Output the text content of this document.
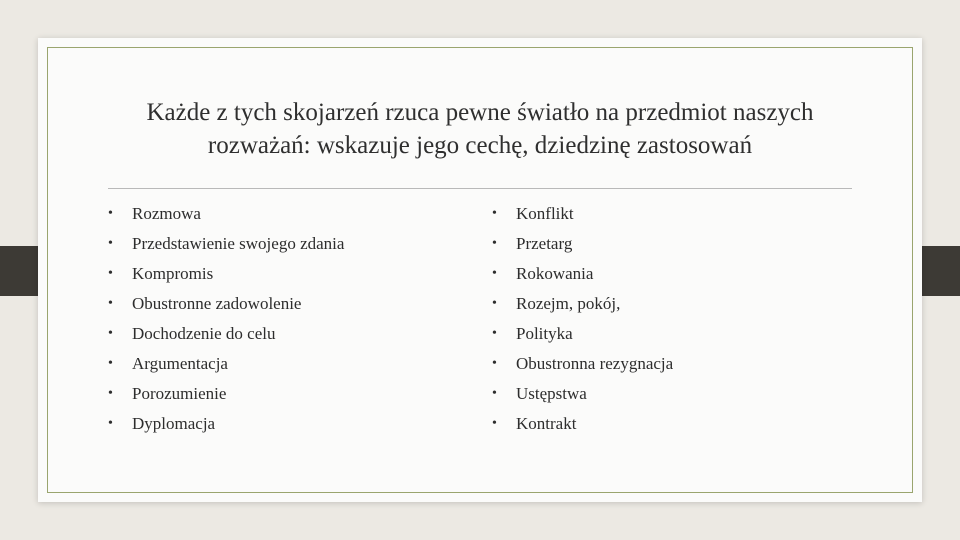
Każde z tych skojarzeń rzuca pewne światło na przedmiot naszych
rozważań: wskazuje jego cechę, dziedzinę zastosowań
• Rozmowa
• Przedstawienie swojego zdania
• Kompromis
• Obustronne zadowolenie
• Dochodzenie do celu
• Argumentacja
• Porozumienie
• Dyplomacja
• Konflikt
• Przetarg
• Rokowania
• Rozejm, pokój,
• Polityka
• Obustronna rezygnacja
• Ustępstwa
• Kontrakt
